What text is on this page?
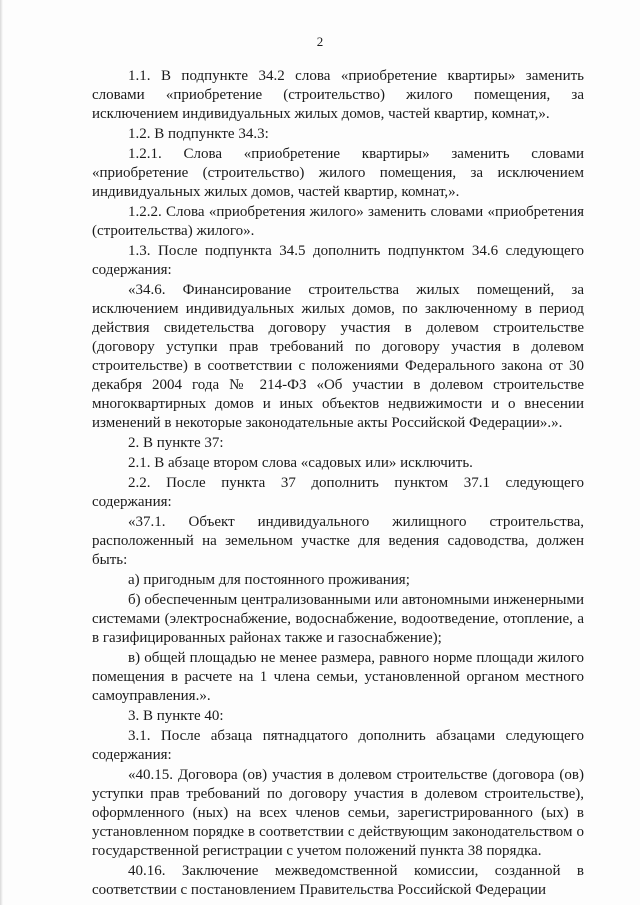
2

1.1. В подпункте 34.2 слова «приобретение квартиры» заменить словами «приобретение (строительство) жилого помещения, за исключением индивидуальных жилых домов, частей квартир, комнат,».

1.2. В подпункте 34.3:

1.2.1. Слова «приобретение квартиры» заменить словами «приобретение (строительство) жилого помещения, за исключением индивидуальных жилых домов, частей квартир, комнат,».

1.2.2. Слова «приобретения жилого» заменить словами «приобретения (строительства) жилого».

1.3. После подпункта 34.5 дополнить подпунктом 34.6 следующего содержания:

«34.6. Финансирование строительства жилых помещений, за исключением индивидуальных жилых домов, по заключенному в период действия свидетельства договору участия в долевом строительстве (договору уступки прав требований по договору участия в долевом строительстве) в соответствии с положениями Федерального закона от 30 декабря 2004 года № 214-ФЗ «Об участии в долевом строительстве многоквартирных домов и иных объектов недвижимости и о внесении изменений в некоторые законодательные акты Российской Федерации».».

2. В пункте 37:

2.1. В абзаце втором слова «садовых или» исключить.

2.2. После пункта 37 дополнить пунктом 37.1 следующего содержания:

«37.1. Объект индивидуального жилищного строительства, расположенный на земельном участке для ведения садоводства, должен быть:

а) пригодным для постоянного проживания;

б) обеспеченным централизованными или автономными инженерными системами (электроснабжение, водоснабжение, водоотведение, отопление, а в газифицированных районах также и газоснабжение);

в) общей площадью не менее размера, равного норме площади жилого помещения в расчете на 1 члена семьи, установленной органом местного самоуправления.».

3. В пункте 40:

3.1. После абзаца пятнадцатого дополнить абзацами следующего содержания:

«40.15. Договора (ов) участия в долевом строительстве (договора (ов) уступки прав требований по договору участия в долевом строительстве), оформленного (ных) на всех членов семьи, зарегистрированного (ых) в установленном порядке в соответствии с действующим законодательством о государственной регистрации с учетом положений пункта 38 порядка.

40.16. Заключение межведомственной комиссии, созданной в соответствии с постановлением Правительства Российской Федерации
